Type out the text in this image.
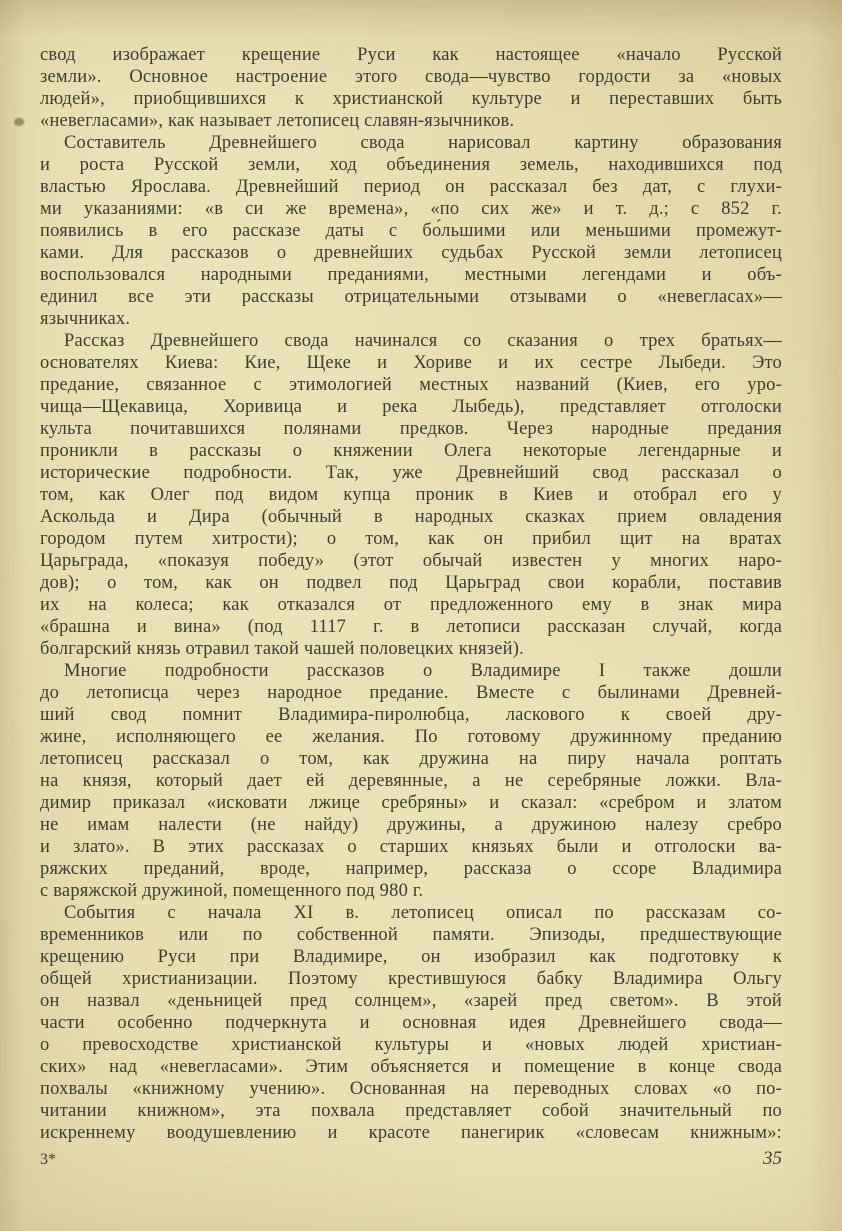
свод изображает крещение Руси как настоящее «начало Русской
земли». Основное настроение этого свода—чувство гордости за «новых
людей», приобщившихся к христианской культуре и переставших быть
«невегласами», как называет летописец славян-язычников.
Составитель Древнейшего свода нарисовал картину образования
и роста Русской земли, ход объединения земель, находившихся под
властью Ярослава. Древнейший период он рассказал без дат, с глухи-
ми указаниями: «в си же времена», «по сих же» и т. д.; с 852 г.
появились в его рассказе даты с бо́льшими или меньшими промежут-
ками. Для рассказов о древнейших судьбах Русской земли летописец
воспользовался народными преданиями, местными легендами и объ-
единил все эти рассказы отрицательными отзывами о «невегласах»—
язычниках.
Рассказ Древнейшего свода начинался со сказания о трех братьях—
основателях Киева: Кие, Щеке и Хориве и их сестре Лыбеди. Это
предание, связанное с этимологией местных названий (Киев, его уро-
чища—Щекавица, Хоривица и река Лыбедь), представляет отголоски
культа почитавшихся полянами предков. Через народные предания
проникли в рассказы о княжении Олега некоторые легендарные и
исторические подробности. Так, уже Древнейший свод рассказал о
том, как Олег под видом купца проник в Киев и отобрал его у
Аскольда и Дира (обычный в народных сказках прием овладения
городом путем хитрости); о том, как он прибил щит на вратах
Царьграда, «показуя победу» (этот обычай известен у многих наро-
дов); о том, как он подвел под Царьград свои корабли, поставив
их на колеса; как отказался от предложенного ему в знак мира
«брашна и вина» (под 1117 г. в летописи рассказан случай, когда
болгарский князь отравил такой чашей половецких князей).
Многие подробности рассказов о Владимире I также дошли
до летописца через народное предание. Вместе с былинами Древней-
ший свод помнит Владимира-пиролюбца, ласкового к своей дру-
жине, исполняющего ее желания. По готовому дружинному преданию
летописец рассказал о том, как дружина на пиру начала роптать
на князя, который дает ей деревянные, а не серебряные ложки. Вла-
димир приказал «исковати лжице сребряны» и сказал: «сребром и златом
не имам налести (не найду) дружины, а дружиною налезу сребро
и злато». В этих рассказах о старших князьях были и отголоски ва-
ряжских преданий, вроде, например, рассказа о ссоре Владимира
с варяжской дружиной, помещенного под 980 г.
События с начала XI в. летописец описал по рассказам со-
временников или по собственной памяти. Эпизоды, предшествующие
крещению Руси при Владимире, он изобразил как подготовку к
общей христианизации. Поэтому крестившуюся бабку Владимира Ольгу
он назвал «деньницей пред солнцем», «зарей пред светом». В этой
части особенно подчеркнута и основная идея Древнейшего свода—
о превосходстве христианской культуры и «новых людей христиан-
ских» над «невегласами». Этим объясняется и помещение в конце свода
похвалы «книжному учению». Основанная на переводных словах «о по-
читании книжном», эта похвала представляет собой значительный по
искреннему воодушевлению и красоте панегирик «словесам книжным»:
3*	35
